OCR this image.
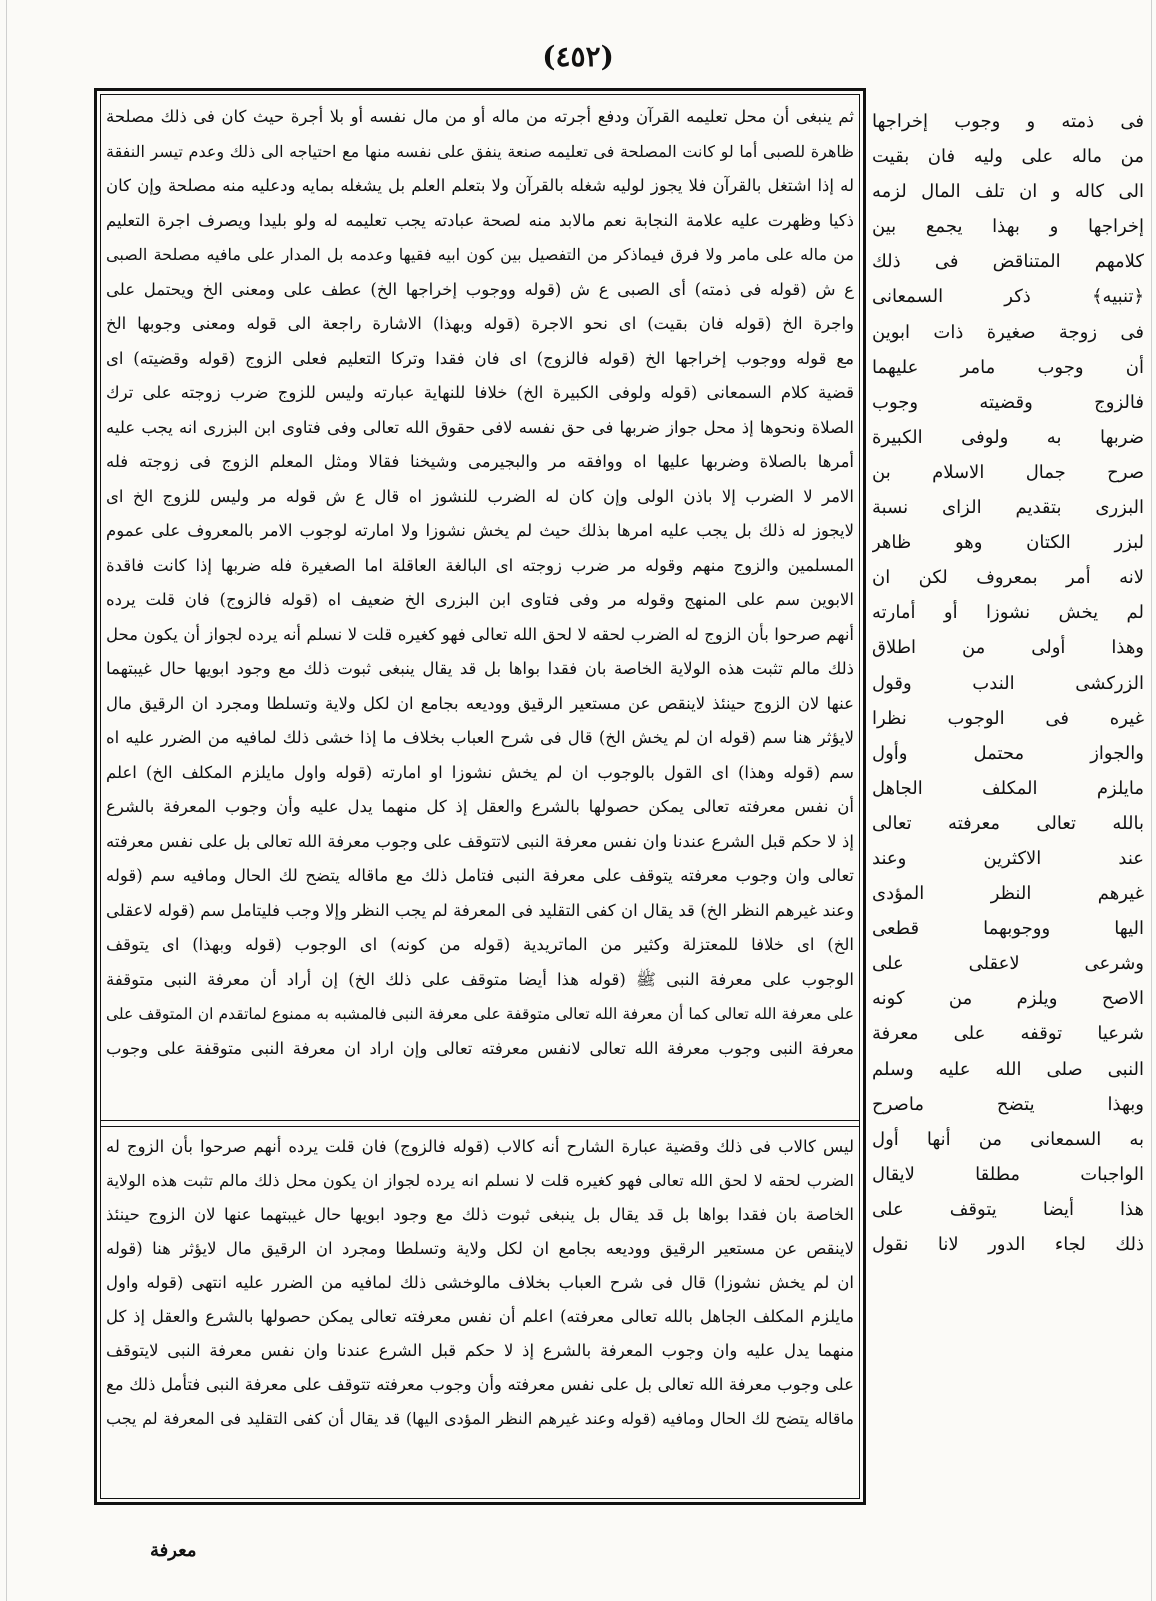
(٤٥٢)

فى ذمته و وجوب إخراجها

من ماله على وليه فان بقيت

الى كاله و ان تلف المال لزمه

إخراجها و بهذا يجمع بين

كلامهم المتناقض فى ذلك

﴿تنبيه﴾ ذكر السمعانى

فى زوجة صغيرة ذات ابوين

أن وجوب مامر عليهما

فالزوج وقضيته وجوب

ضربها به ولوفى الكبيرة

صرح جمال الاسلام بن

البزرى بتقديم الزاى نسبة

لبزر الكتان وهو ظاهر

لانه أمر بمعروف لكن ان

لم يخش نشوزا أو أمارته

وهذا أولى من اطلاق

الزركشى الندب وقول

غيره فى الوجوب نظرا

والجواز محتمل وأول

مايلزم المكلف الجاهل

بالله تعالى معرفته تعالى

عند الاكثرين وعند

غيرهم النظر المؤدى

اليها ووجوبهما قطعى

وشرعى لاعقلى على

الاصح ويلزم من كونه

شرعيا توقفه على معرفة

النبى صلى الله عليه وسلم

وبهذا يتضح ماصرح

به السمعانى من أنها أول

الواجبات مطلقا لايقال

هذا أيضا يتوقف على

ذلك لجاء الدور لانا نقول

ثم ينبغى أن محل تعليمه القرآن ودفع أجرته من ماله أو من مال نفسه أو بلا أجرة حيث كان فى ذلك مصلحة

ظاهرة للصبى أما لو كانت المصلحة فى تعليمه صنعة ينفق على نفسه منها مع احتياجه الى ذلك وعدم تيسر النفقة

له إذا اشتغل بالقرآن فلا يجوز لوليه شغله بالقرآن ولا بتعلم العلم بل يشغله بمايه ودعليه منه مصلحة وإن كان

ذكيا وظهرت عليه علامة النجابة نعم مالابد منه لصحة عبادته يجب تعليمه له ولو بليدا ويصرف اجرة التعليم

من ماله على مامر ولا فرق فيماذكر من التفصيل بين كون ابيه فقيها وعدمه بل المدار على مافيه مصلحة الصبى

ع ش (قوله فى ذمته) أى الصبى ع ش (قوله ووجوب إخراجها الخ) عطف على ومعنى الخ ويحتمل على

واجرة الخ (قوله فان بقيت) اى نحو الاجرة (قوله وبهذا) الاشارة راجعة الى قوله ومعنى وجوبها الخ

مع قوله ووجوب إخراجها الخ (قوله فالزوج) اى فان فقدا وتركا التعليم فعلى الزوج (قوله وقضيته) اى

قضية كلام السمعانى (قوله ولوفى الكبيرة الخ) خلافا للنهاية عبارته وليس للزوج ضرب زوجته على ترك

الصلاة ونحوها إذ محل جواز ضربها فى حق نفسه لافى حقوق الله تعالى وفى فتاوى ابن البزرى انه يجب عليه

أمرها بالصلاة وضربها عليها اه ووافقه مر والبجيرمى وشيخنا فقالا ومثل المعلم الزوج فى زوجته فله

الامر لا الضرب إلا باذن الولى وإن كان له الضرب للنشوز اه قال ع ش قوله مر وليس للزوج الخ اى

لايجوز له ذلك بل يجب عليه امرها بذلك حيث لم يخش نشوزا ولا امارته لوجوب الامر بالمعروف على عموم

المسلمين والزوج منهم وقوله مر ضرب زوجته اى البالغة العاقلة اما الصغيرة فله ضربها إذا كانت فاقدة

الابوين سم على المنهج وقوله مر وفى فتاوى ابن البزرى الخ ضعيف اه (قوله فالزوج) فان قلت يرده

أنهم صرحوا بأن الزوج له الضرب لحقه لا لحق الله تعالى فهو كغيره قلت لا نسلم أنه يرده لجواز أن يكون محل

ذلك مالم تثبت هذه الولاية الخاصة بان فقدا بواها بل قد يقال ينبغى ثبوت ذلك مع وجود ابويها حال غيبتهما

عنها لان الزوج حينئذ لاينقص عن مستعير الرقيق ووديعه بجامع ان لكل ولاية وتسلطا ومجرد ان الرقيق مال

لايؤثر هنا سم (قوله ان لم يخش الخ) قال فى شرح العباب بخلاف ما إذا خشى ذلك لمافيه من الضرر عليه اه

سم (قوله وهذا) اى القول بالوجوب ان لم يخش نشوزا او امارته (قوله واول مايلزم المكلف الخ) اعلم

أن نفس معرفته تعالى يمكن حصولها بالشرع والعقل إذ كل منهما يدل عليه وأن وجوب المعرفة بالشرع

إذ لا حكم قبل الشرع عندنا وان نفس معرفة النبى لاتتوقف على وجوب معرفة الله تعالى بل على نفس معرفته

تعالى وان وجوب معرفته يتوقف على معرفة النبى فتامل ذلك مع ماقاله يتضح لك الحال ومافيه سم (قوله

وعند غيرهم النظر الخ) قد يقال ان كفى التقليد فى المعرفة لم يجب النظر وإلا وجب فليتامل سم (قوله لاعقلى

الخ) اى خلافا للمعتزلة وكثير من الماتريدية (قوله من كونه) اى الوجوب (قوله وبهذا) اى يتوقف

الوجوب على معرفة النبى ﷺ (قوله هذا أيضا متوقف على ذلك الخ) إن أراد أن معرفة النبى متوقفة

على معرفة الله تعالى كما أن معرفة الله تعالى متوقفة على معرفة النبى فالمشبه به ممنوع لماتقدم ان المتوقف على

معرفة النبى وجوب معرفة الله تعالى لانفس معرفته تعالى وإن اراد ان معرفة النبى متوقفة على وجوب

ليس كالاب فى ذلك وقضية عبارة الشارح أنه كالاب (قوله فالزوج) فان قلت يرده أنهم صرحوا بأن الزوج له

الضرب لحقه لا لحق الله تعالى فهو كغيره قلت لا نسلم انه يرده لجواز ان يكون محل ذلك مالم تثبت هذه الولاية

الخاصة بان فقدا بواها بل قد يقال بل ينبغى ثبوت ذلك مع وجود ابويها حال غيبتهما عنها لان الزوج حينئذ

لاينقص عن مستعير الرقيق ووديعه بجامع ان لكل ولاية وتسلطا ومجرد ان الرقيق مال لايؤثر هنا (قوله

ان لم يخش نشوزا) قال فى شرح العباب بخلاف مالوخشى ذلك لمافيه من الضرر عليه انتهى (قوله واول

مايلزم المكلف الجاهل بالله تعالى معرفته) اعلم أن نفس معرفته تعالى يمكن حصولها بالشرع والعقل إذ كل

منهما يدل عليه وان وجوب المعرفة بالشرع إذ لا حكم قبل الشرع عندنا وان نفس معرفة النبى لايتوقف

على وجوب معرفة الله تعالى بل على نفس معرفته وأن وجوب معرفته تتوقف على معرفة النبى فتأمل ذلك مع

ماقاله يتضح لك الحال ومافيه (قوله وعند غيرهم النظر المؤدى اليها) قد يقال أن كفى التقليد فى المعرفة لم يجب

معرفة
